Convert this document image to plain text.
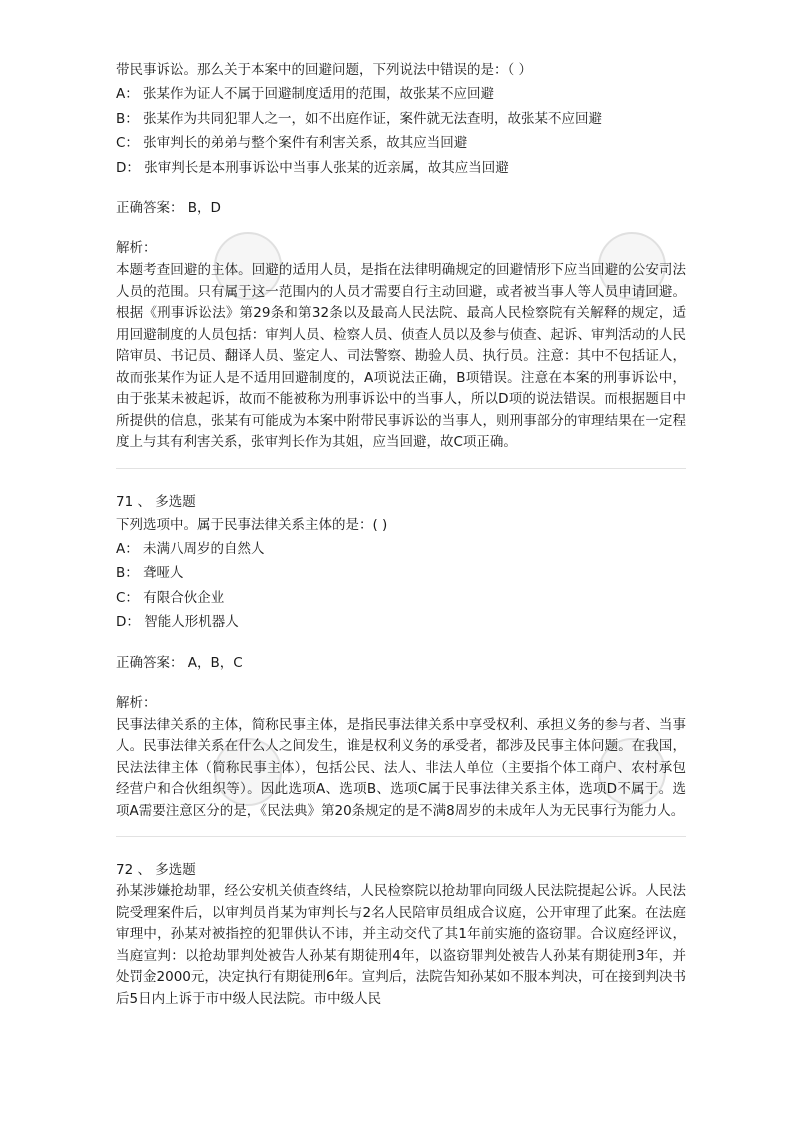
带民事诉讼。那么关于本案中的回避问题，下列说法中错误的是：（ ）
A： 张某作为证人不属于回避制度适用的范围，故张某不应回避
B： 张某作为共同犯罪人之一，如不出庭作证，案件就无法查明，故张某不应回避
C： 张审判长的弟弟与整个案件有利害关系，故其应当回避
D： 张审判长是本刑事诉讼中当事人张某的近亲属，故其应当回避
正确答案： B，D
解析：
本题考查回避的主体。回避的适用人员，是指在法律明确规定的回避情形下应当回避的公安司法人员的范围。只有属于这一范围内的人员才需要自行主动回避，或者被当事人等人员申请回避。根据《刑事诉讼法》第29条和第32条以及最高人民法院、最高人民检察院有关解释的规定，适用回避制度的人员包括：审判人员、检察人员、侦查人员以及参与侦查、起诉、审判活动的人民陪审员、书记员、翻译人员、鉴定人、司法警察、勘验人员、执行员。注意：其中不包括证人，故而张某作为证人是不适用回避制度的，A项说法正确，B项错误。注意在本案的刑事诉讼中，由于张某未被起诉，故而不能被称为刑事诉讼中的当事人，所以D项的说法错误。而根据题目中所提供的信息，张某有可能成为本案中附带民事诉讼的当事人，则刑事部分的审理结果在一定程度上与其有利害关系，张审判长作为其姐，应当回避，故C项正确。
71 、 多选题
下列选项中。属于民事法律关系主体的是：( )
A： 未满八周岁的自然人
B： 聋哑人
C： 有限合伙企业
D： 智能人形机器人
正确答案： A，B，C
解析：
民事法律关系的主体，简称民事主体，是指民事法律关系中享受权利、承担义务的参与者、当事人。民事法律关系在什么人之间发生，谁是权利义务的承受者，都涉及民事主体问题。在我国，民法法律主体（简称民事主体），包括公民、法人、非法人单位（主要指个体工商户、农村承包经营户和合伙组织等）。因此选项A、选项B、选项C属于民事法律关系主体，选项D不属于。选项A需要注意区分的是，《民法典》第20条规定的是不满8周岁的未成年人为无民事行为能力人。
72 、 多选题
孙某涉嫌抢劫罪，经公安机关侦查终结，人民检察院以抢劫罪向同级人民法院提起公诉。人民法院受理案件后，以审判员肖某为审判长与2名人民陪审员组成合议庭，公开审理了此案。在法庭审理中，孙某对被指控的犯罪供认不讳，并主动交代了其1年前实施的盗窃罪。合议庭经评议，当庭宣判：以抢劫罪判处被告人孙某有期徒刑4年，以盗窃罪判处被告人孙某有期徒刑3年，并处罚金2000元，决定执行有期徒刑6年。宣判后，法院告知孙某如不服本判决，可在接到判决书后5日内上诉于市中级人民法院。市中级人民
